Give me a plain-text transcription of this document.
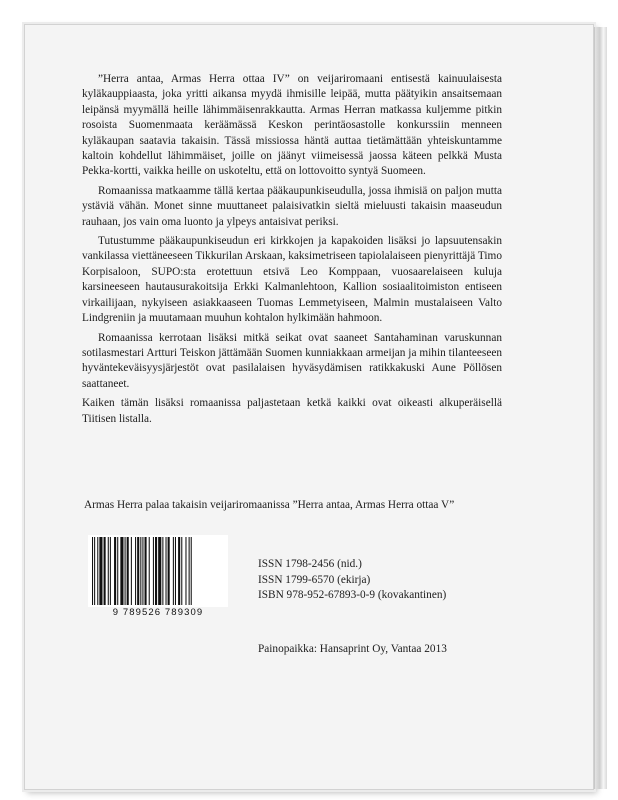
”Herra antaa, Armas Herra ottaa IV” on veijariromaani entisestä kainuulaisesta kyläkauppiaasta, joka yritti aikansa myydä ihmisille leipää, mutta päätyikin ansaitsemaan leipänsä myymällä heille lähimmäisenrakkautta. Armas Herran matkassa kuljemme pitkin rosoista Suomenmaata keräämässä Keskon perintäosastolle konkurssiin menneen kyläkaupan saatavia takaisin. Tässä missiossa häntä auttaa tietämättään yhteiskuntamme kaltoin kohdellut lähimmäiset, joille on jäänyt viimeisessä jaossa käteen pelkkä Musta Pekka-kortti, vaikka heille on uskoteltu, että on lottovoitto syntyä Suomeen.

Romaanissa matkaamme tällä kertaa pääkaupunkiseudulla, jossa ihmisiä on paljon mutta ystäviä vähän. Monet sinne muuttaneet palaisivatkin sieltä mieluusti takaisin maaseudun rauhaan, jos vain oma luonto ja ylpeys antaisivat periksi.

Tutustumme pääkaupunkiseudun eri kirkkojen ja kapakoiden lisäksi jo lapsuutensakin vankilassa viettäneeseen Tikkurilan Arskaan, kaksimetriseen tapiolalaiseen pienyrittäjä Timo Korpisaloon, SUPO:sta erotettuun etsivä Leo Komppaan, vuosaarelaiseen kuluja karsineeseen hautausurakoitsija Erkki Kalmanlehtoon, Kallion sosiaalitoimiston entiseen virkailijaan, nykyiseen asiakkaaseen Tuomas Lemmetyiseen, Malmin mustalaiseen Valto Lindgreniin ja muutamaan muuhun kohtalon hylkimään hahmoon.

Romaanissa kerrotaan lisäksi mitkä seikat ovat saaneet Santahaminan varuskunnan sotilasmestari Artturi Teiskon jättämään Suomen kunniakkaan armeijan ja mihin tilanteeseen hyväntekeväisyysjärjestöt ovat pasilalaisen hyväsydämisen ratikkakuski Aune Pöllösen saattaneet.

Kaiken tämän lisäksi romaanissa paljastetaan ketkä kaikki ovat oikeasti alkuperäisellä Tiitisen listalla.

Armas Herra palaa takaisin veijariromaanissa ”Herra antaa, Armas Herra ottaa V”
9 789526 789309
ISSN 1798-2456 (nid.)
ISSN 1799-6570 (ekirja)
ISBN 978-952-67893-0-9 (kovakantinen)
Painopaikka: Hansaprint Oy, Vantaa 2013
